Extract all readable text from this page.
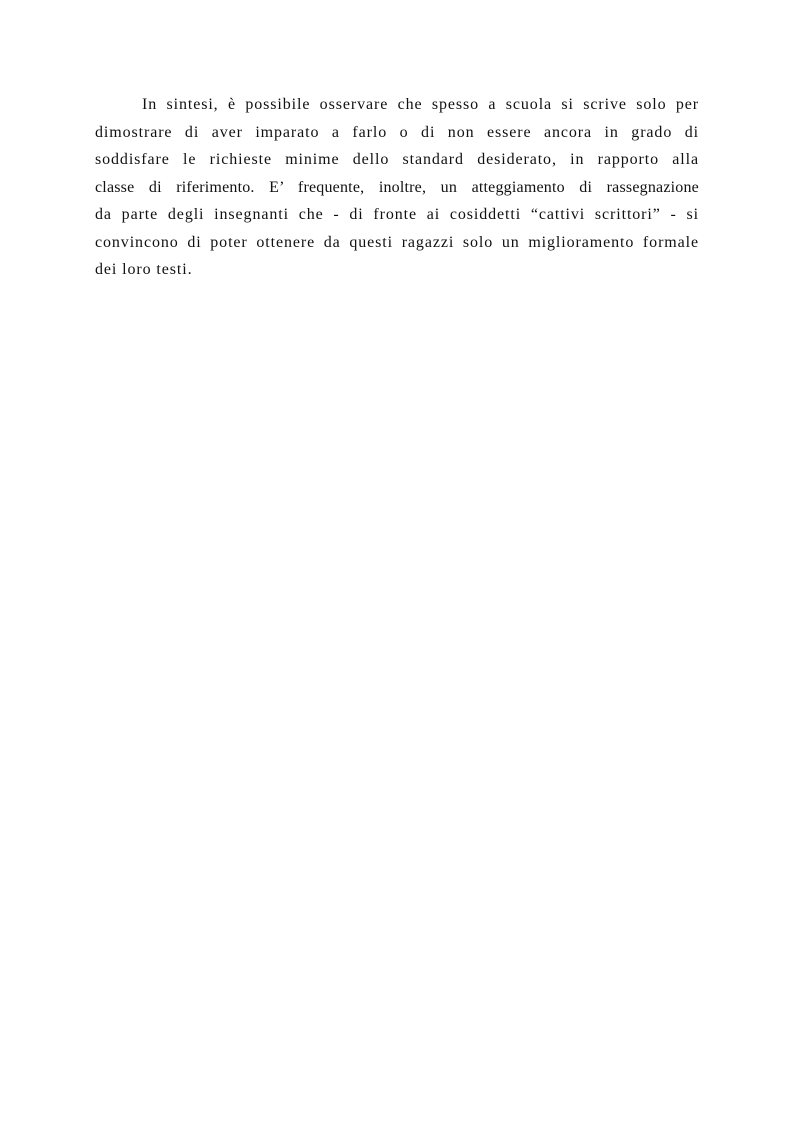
In sintesi, è possibile osservare che spesso a scuola si scrive solo per
dimostrare di aver imparato a farlo o di non essere ancora in grado di
soddisfare le richieste minime dello standard desiderato, in rapporto alla
classe di riferimento. E’ frequente, inoltre, un atteggiamento di rassegnazione
da parte degli insegnanti che - di fronte ai cosiddetti “cattivi scrittori” - si
convincono di poter ottenere da questi ragazzi solo un miglioramento formale
dei loro testi.
